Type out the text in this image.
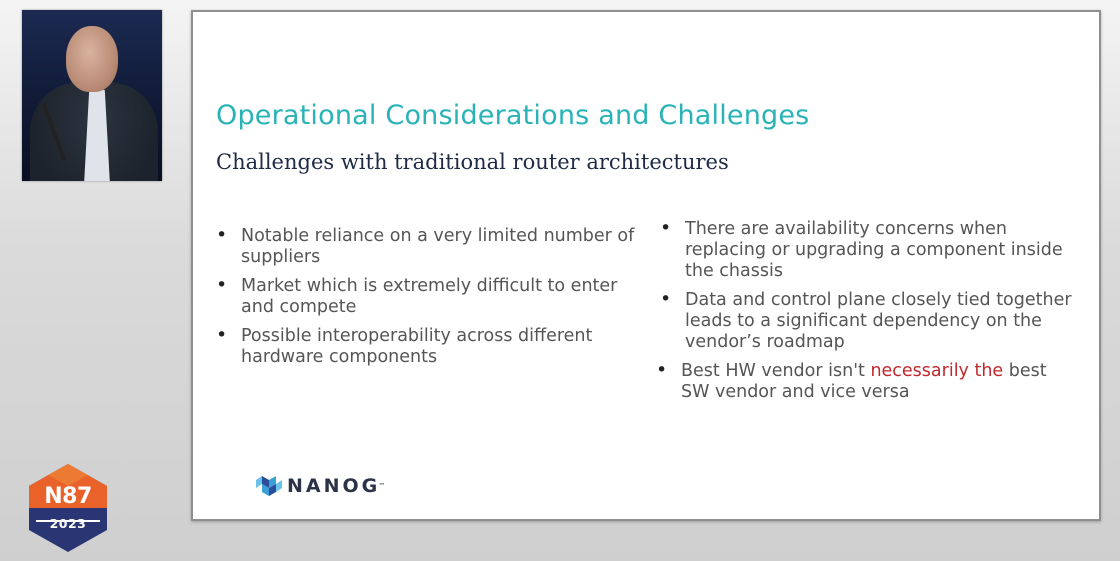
Operational Considerations and Challenges
Challenges with traditional router architectures
• Notable reliance on a very limited number of suppliers
• Market which is extremely difficult to enter and compete
• Possible interoperability across different hardware components
• There are availability concerns when replacing or upgrading a component inside the chassis
• Data and control plane closely tied together leads to a significant dependency on the vendor’s roadmap
• Best HW vendor isn't necessarily the best SW vendor and vice versa
NANOG
™
N87
2023
